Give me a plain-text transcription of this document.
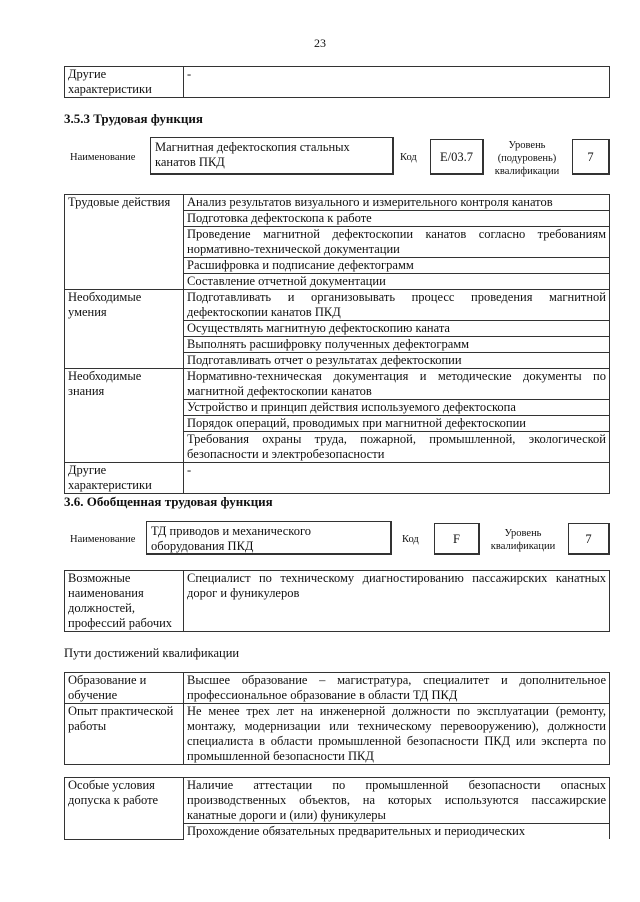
23
Другие характеристики	-
3.5.3 Трудовая функция
Наименование
Магнитная дефектоскопия стальных канатов ПКД	Код	E/03.7
Уровень (подуровень) квалификации
7
Трудовые действия	Анализ результатов визуального и измерительного контроля канатов
	Подготовка дефектоскопа к работе
	Проведение магнитной дефектоскопии канатов согласно требованиям нормативно-технической документации
	Расшифровка и подписание дефектограмм
	Составление отчетной документации
Необходимые умения	Подготавливать и организовывать процесс проведения магнитной дефектоскопии канатов ПКД
	Осуществлять магнитную дефектоскопию каната
	Выполнять расшифровку полученных дефектограмм
	Подготавливать отчет о результатах дефектоскопии
Необходимые знания	Нормативно-техническая документация и методические документы по магнитной дефектоскопии канатов
	Устройство и принцип действия используемого дефектоскопа
	Порядок операций, проводимых при магнитной дефектоскопии
	Требования охраны труда, пожарной, промышленной, экологической безопасности и электробезопасности
Другие характеристики	-
3.6. Обобщенная трудовая функция
Наименование
ТД приводов и механического оборудования ПКД	Код	F	Уровень квалификации
7
Возможные наименования должностей, профессий рабочих	Специалист по техническому диагностированию пассажирских канатных дорог и фуникулеров
Пути достижений квалификации
Образование и обучение	Высшее образование – магистратура, специалитет и дополнительное профессиональное образование в области ТД ПКД
Опыт практической работы	Не менее трех лет на инженерной должности по эксплуатации (ремонту, монтажу, модернизации или техническому перевооружению), должности специалиста в области промышленной безопасности ПКД или эксперта по промышленной безопасности ПКД
Особые условия допуска к работе	Наличие аттестации по промышленной безопасности опасных производственных объектов, на которых используются пассажирские канатные дороги и (или) фуникулеры
Прохождение обязательных предварительных и периодических
